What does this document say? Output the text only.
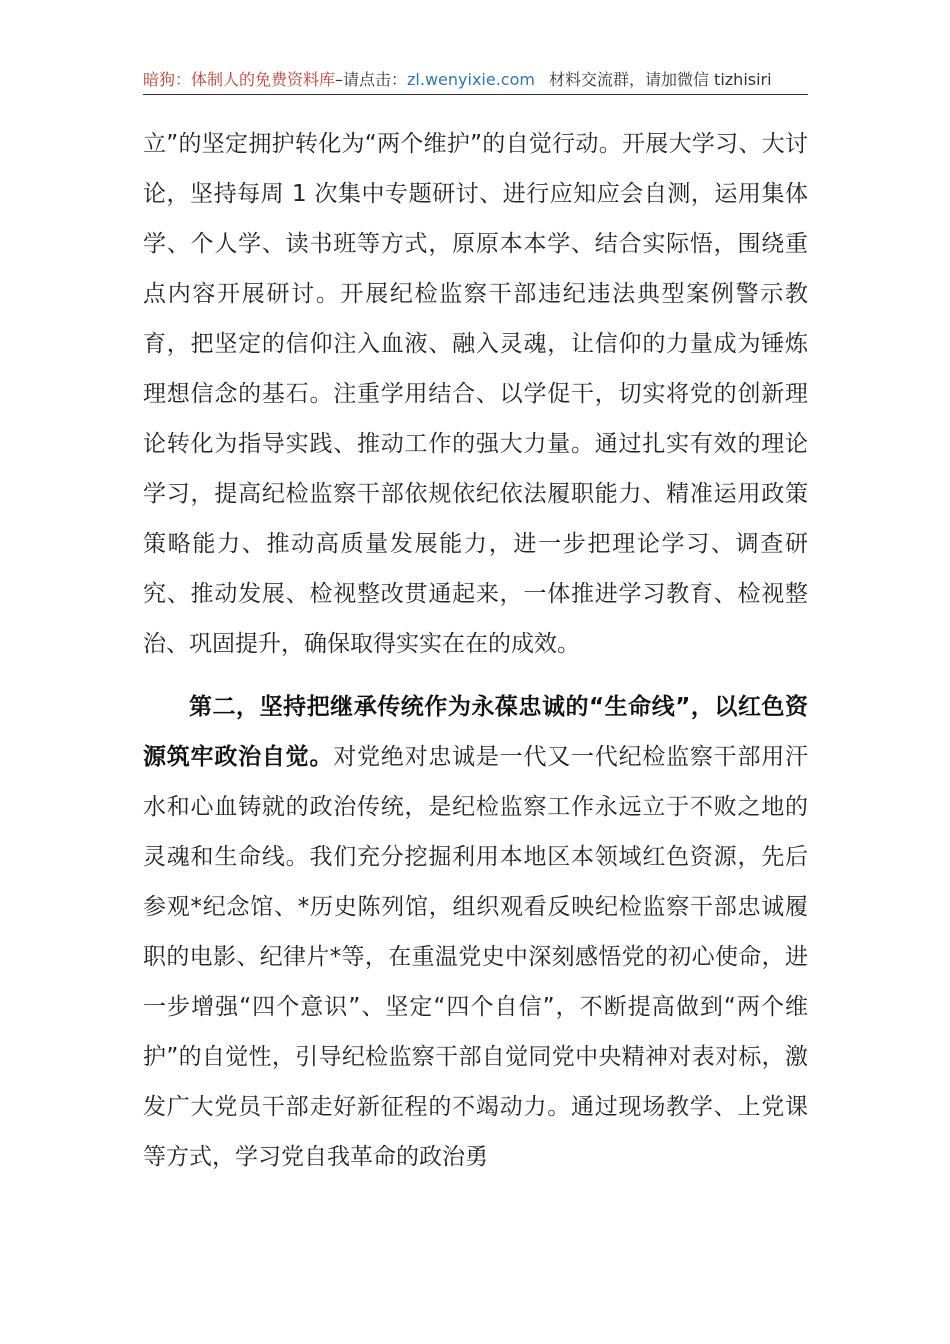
暗狗：体制人的免费资料库–请点击：zl.wenyixie.com 材料交流群，请加微信 tizhisiri

立”的坚定拥护转化为“两个维护”的自觉行动。开展大学习、大讨论，坚持每周 1 次集中专题研讨、进行应知应会自测，运用集体学、个人学、读书班等方式，原原本本学、结合实际悟，围绕重点内容开展研讨。开展纪检监察干部违纪违法典型案例警示教育，把坚定的信仰注入血液、融入灵魂，让信仰的力量成为锤炼理想信念的基石。注重学用结合、以学促干，切实将党的创新理论转化为指导实践、推动工作的强大力量。通过扎实有效的理论学习，提高纪检监察干部依规依纪依法履职能力、精准运用政策策略能力、推动高质量发展能力，进一步把理论学习、调查研究、推动发展、检视整改贯通起来，一体推进学习教育、检视整治、巩固提升，确保取得实实在在的成效。

第二，坚持把继承传统作为永葆忠诚的“生命线”，以红色资源筑牢政治自觉。对党绝对忠诚是一代又一代纪检监察干部用汗水和心血铸就的政治传统，是纪检监察工作永远立于不败之地的灵魂和生命线。我们充分挖掘利用本地区本领域红色资源，先后参观*纪念馆、*历史陈列馆，组织观看反映纪检监察干部忠诚履职的电影、纪律片*等，在重温党史中深刻感悟党的初心使命，进一步增强“四个意识”、坚定“四个自信”，不断提高做到“两个维护”的自觉性，引导纪检监察干部自觉同党中央精神对表对标，激发广大党员干部走好新征程的不竭动力。通过现场教学、上党课等方式，学习党自我革命的政治勇
